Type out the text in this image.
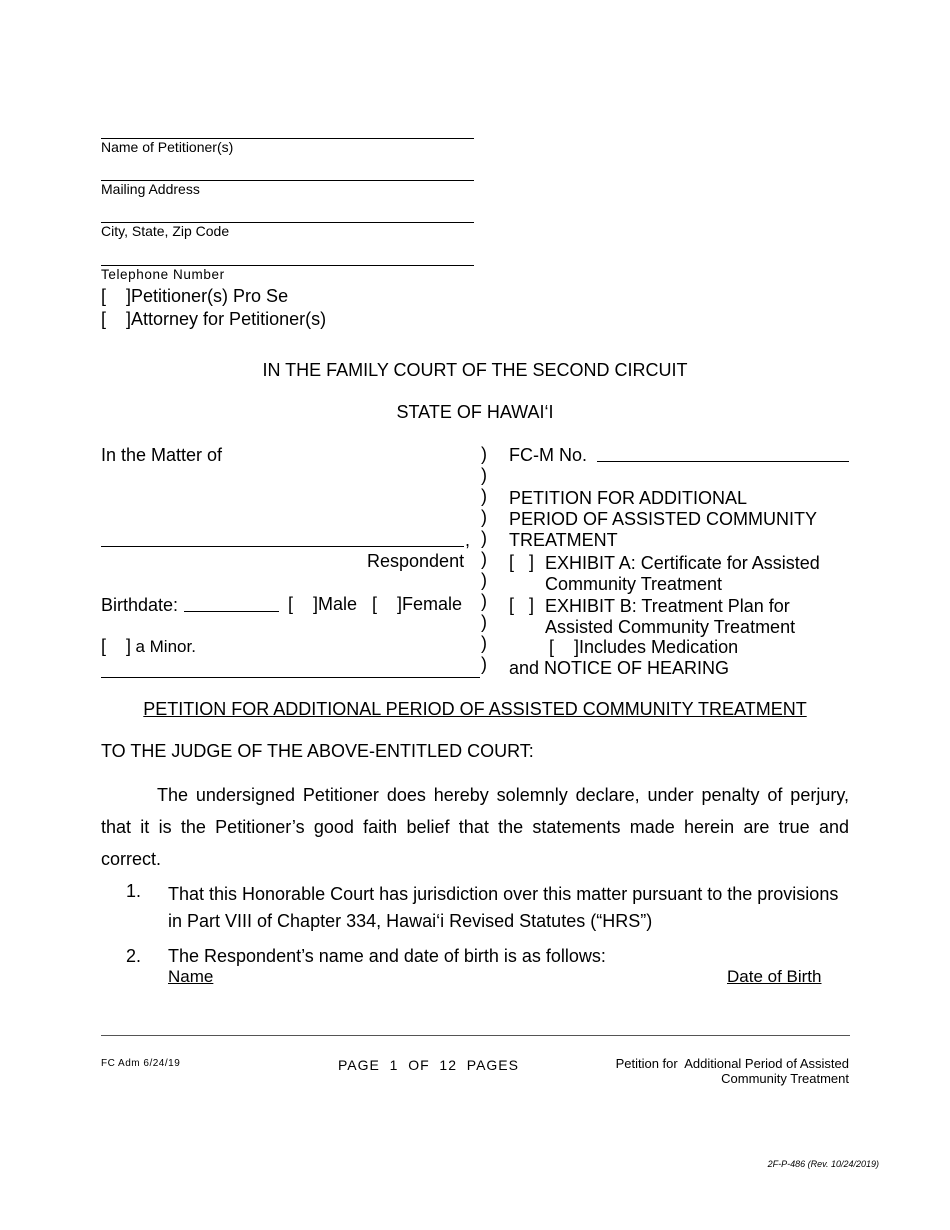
Name of Petitioner(s)
Mailing Address
City, State, Zip Code
Telephone Number
[    ]Petitioner(s) Pro Se
[    ]Attorney for Petitioner(s)
IN THE FAMILY COURT OF THE SECOND CIRCUIT
STATE OF HAWAI‘I
In the Matter of
,
Respondent
Birthdate:	[    ]Male [    ]Female
[    ] a Minor.
)
)
)
)
)
)
)
)
)
)
)
FC-M No.
PETITION FOR ADDITIONAL
PERIOD OF ASSISTED COMMUNITY
TREATMENT
[   ] EXHIBIT A: Certificate for Assisted
Community Treatment
[   ] EXHIBIT B: Treatment Plan for
Assisted Community Treatment
[    ]Includes Medication
and NOTICE OF HEARING
PETITION FOR ADDITIONAL PERIOD OF ASSISTED COMMUNITY TREATMENT
TO THE JUDGE OF THE ABOVE-ENTITLED COURT:
The undersigned Petitioner does hereby solemnly declare, under penalty of perjury, that it is the Petitioner’s good faith belief that the statements made herein are true and correct.
1. That this Honorable Court has jurisdiction over this matter pursuant to the provisions in Part VIII of Chapter 334, Hawai‘i Revised Statutes (“HRS”)
2. The Respondent’s name and date of birth is as follows:
Name	Date of Birth
FC Adm 6/24/19	PAGE  1  OF  12  PAGES	Petition for  Additional Period of Assisted
Community Treatment
2F-P-486 (Rev. 10/24/2019)
